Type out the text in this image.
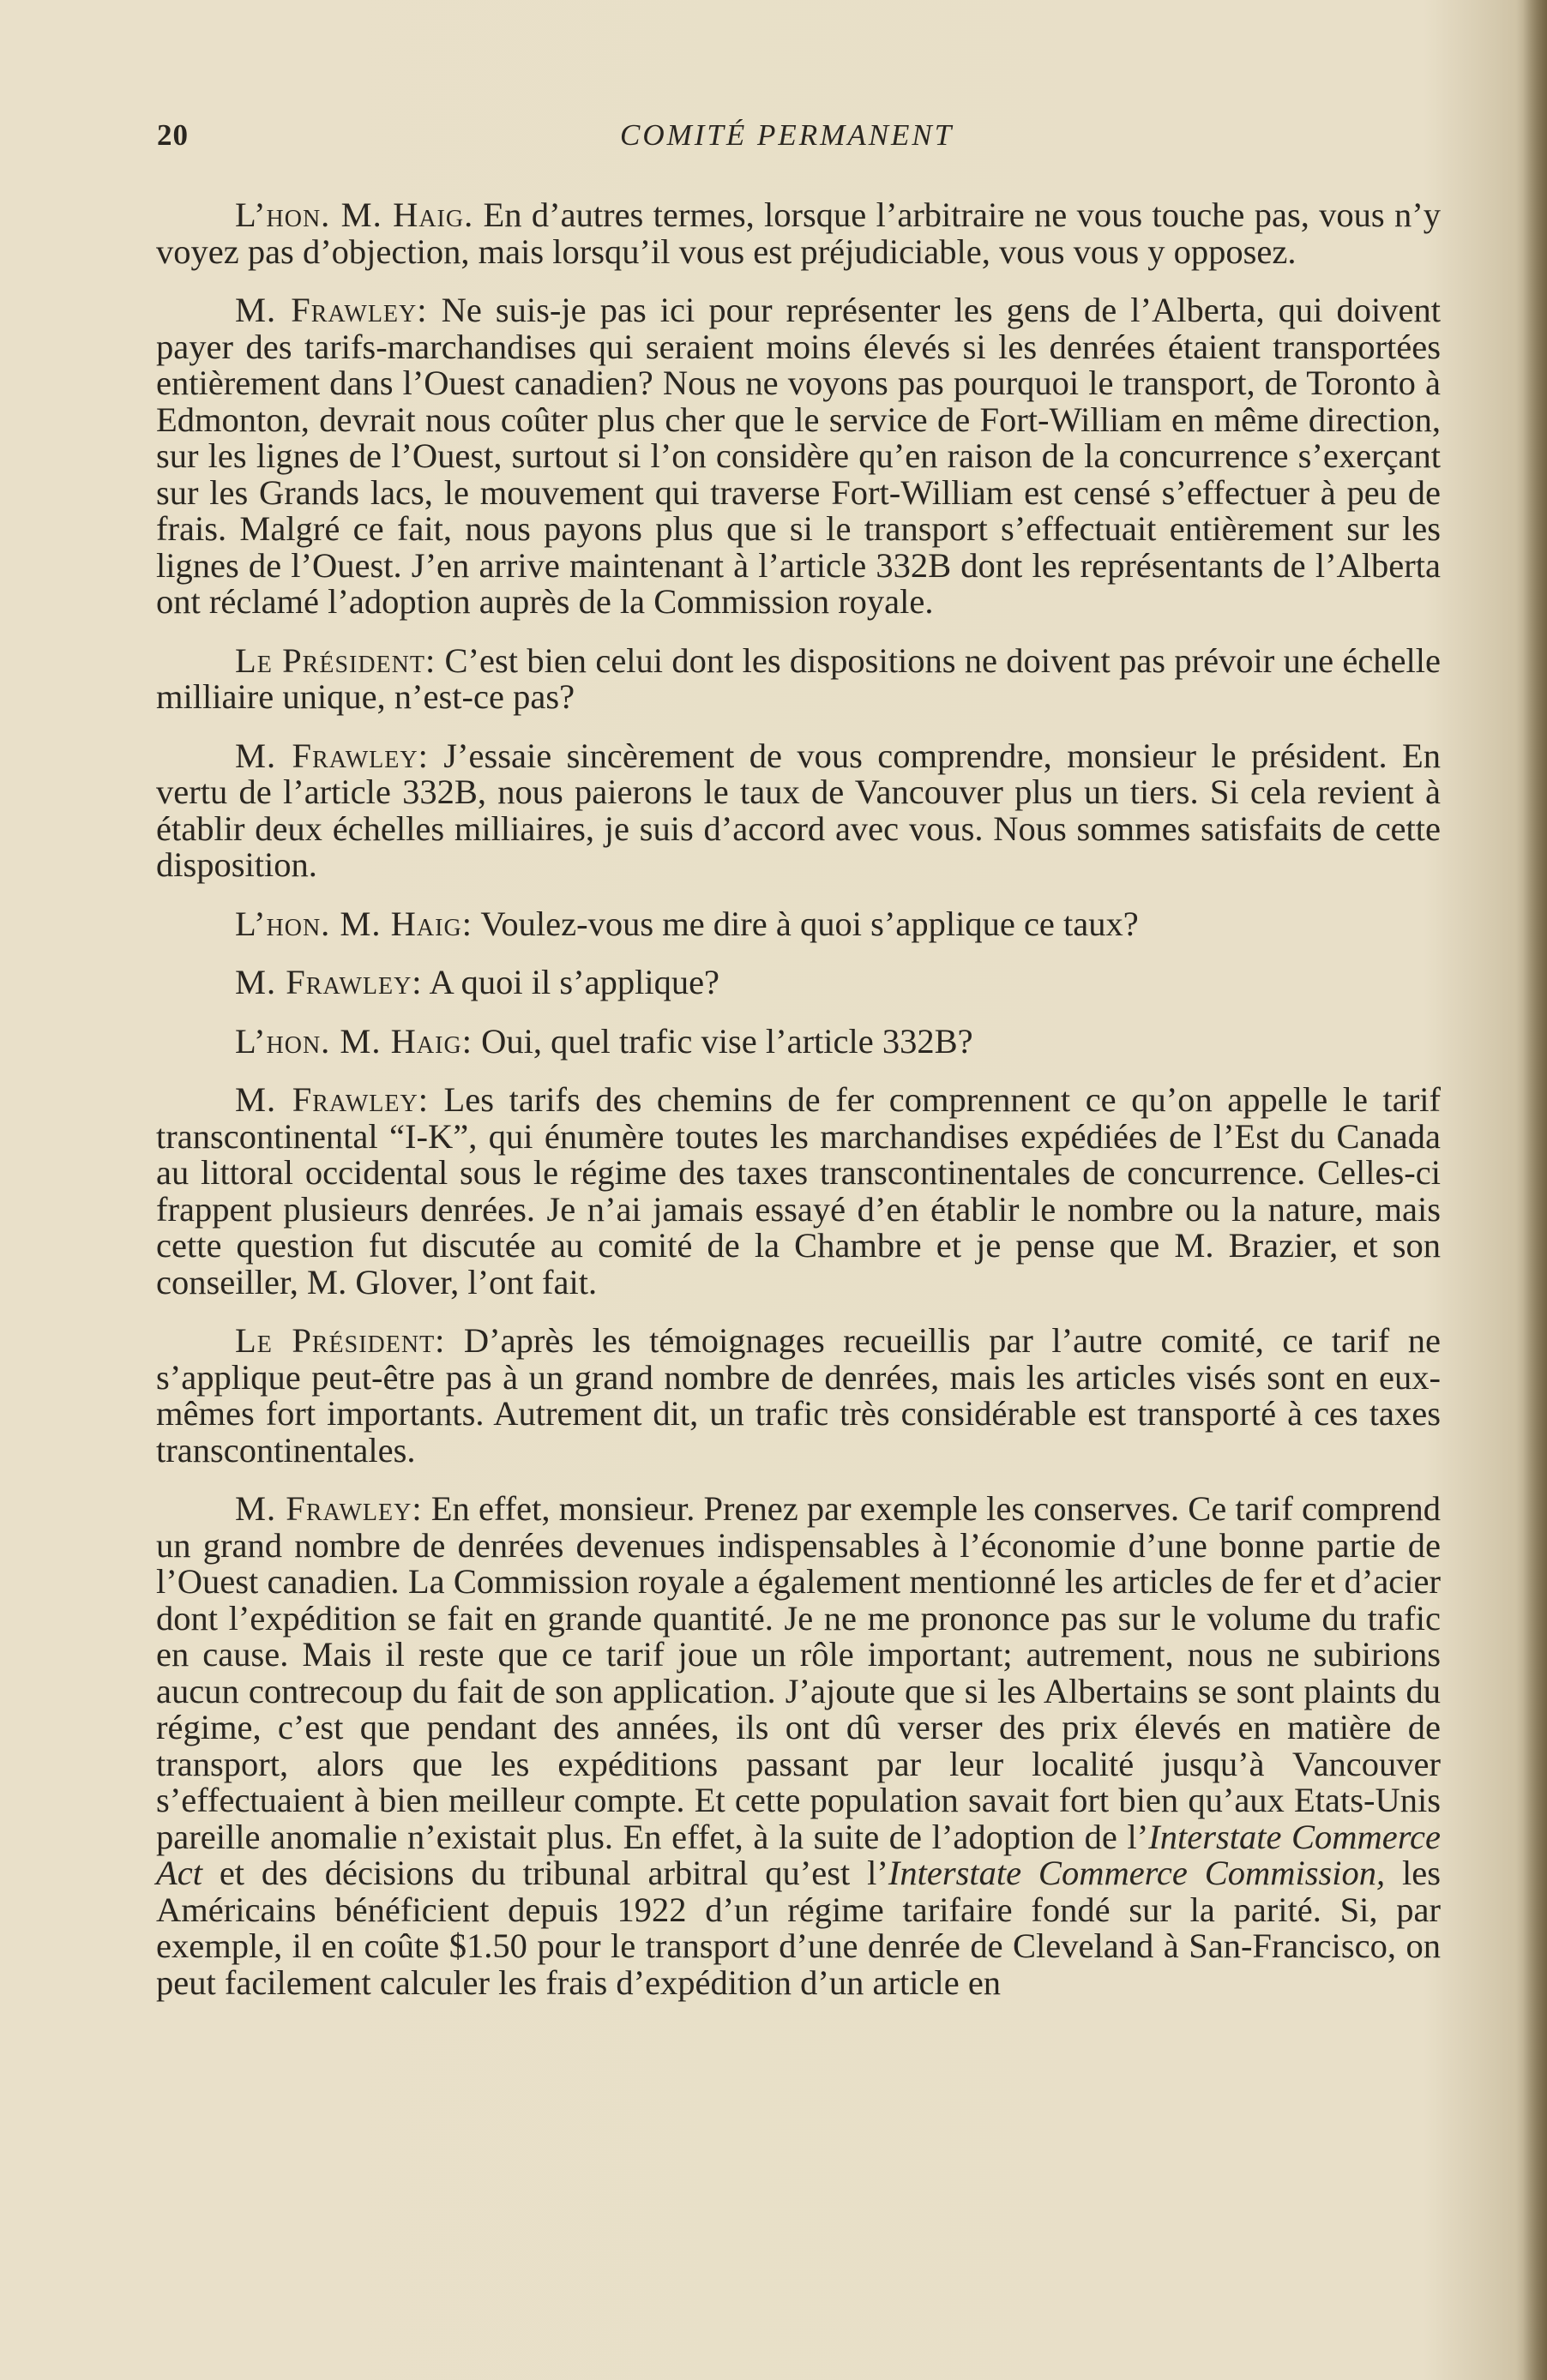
20	COMITÉ PERMANENT

L’hon. M. Haig. En d’autres termes, lorsque l’arbitraire ne vous touche pas, vous n’y voyez pas d’objection, mais lorsqu’il vous est préjudiciable, vous vous y opposez.

M. Frawley: Ne suis-je pas ici pour représenter les gens de l’Alberta, qui doivent payer des tarifs-marchandises qui seraient moins élevés si les denrées étaient transportées entièrement dans l’Ouest canadien? Nous ne voyons pas pourquoi le transport, de Toronto à Edmonton, devrait nous coûter plus cher que le service de Fort-William en même direction, sur les lignes de l’Ouest, surtout si l’on considère qu’en raison de la concurrence s’exerçant sur les Grands lacs, le mouvement qui traverse Fort-William est censé s’effectuer à peu de frais. Malgré ce fait, nous payons plus que si le transport s’effectuait entièrement sur les lignes de l’Ouest. J’en arrive maintenant à l’article 332B dont les représentants de l’Alberta ont réclamé l’adoption auprès de la Commission royale.

Le Président: C’est bien celui dont les dispositions ne doivent pas prévoir une échelle milliaire unique, n’est-ce pas?

M. Frawley: J’essaie sincèrement de vous comprendre, monsieur le président. En vertu de l’article 332B, nous paierons le taux de Vancouver plus un tiers. Si cela revient à établir deux échelles milliaires, je suis d’accord avec vous. Nous sommes satisfaits de cette disposition.

L’hon. M. Haig: Voulez-vous me dire à quoi s’applique ce taux?

M. Frawley: A quoi il s’applique?

L’hon. M. Haig: Oui, quel trafic vise l’article 332B?

M. Frawley: Les tarifs des chemins de fer comprennent ce qu’on appelle le tarif transcontinental “I-K”, qui énumère toutes les marchandises expédiées de l’Est du Canada au littoral occidental sous le régime des taxes transcontinentales de concurrence. Celles-ci frappent plusieurs denrées. Je n’ai jamais essayé d’en établir le nombre ou la nature, mais cette question fut discutée au comité de la Chambre et je pense que M. Brazier, et son conseiller, M. Glover, l’ont fait.

Le Président: D’après les témoignages recueillis par l’autre comité, ce tarif ne s’applique peut-être pas à un grand nombre de denrées, mais les articles visés sont en eux-mêmes fort importants. Autrement dit, un trafic très considérable est transporté à ces taxes transcontinentales.

M. Frawley: En effet, monsieur. Prenez par exemple les conserves. Ce tarif comprend un grand nombre de denrées devenues indispensables à l’économie d’une bonne partie de l’Ouest canadien. La Commission royale a également mentionné les articles de fer et d’acier dont l’expédition se fait en grande quantité. Je ne me prononce pas sur le volume du trafic en cause. Mais il reste que ce tarif joue un rôle important; autrement, nous ne subirions aucun contrecoup du fait de son application. J’ajoute que si les Albertains se sont plaints du régime, c’est que pendant des années, ils ont dû verser des prix élevés en matière de transport, alors que les expéditions passant par leur localité jusqu’à Vancouver s’effectuaient à bien meilleur compte. Et cette population savait fort bien qu’aux Etats-Unis pareille anomalie n’existait plus. En effet, à la suite de l’adoption de l’Interstate Commerce Act et des décisions du tribunal arbitral qu’est l’Interstate Commerce Commission, les Américains bénéficient depuis 1922 d’un régime tarifaire fondé sur la parité. Si, par exemple, il en coûte $1.50 pour le transport d’une denrée de Cleveland à San-Francisco, on peut facilement calculer les frais d’expédition d’un article en
